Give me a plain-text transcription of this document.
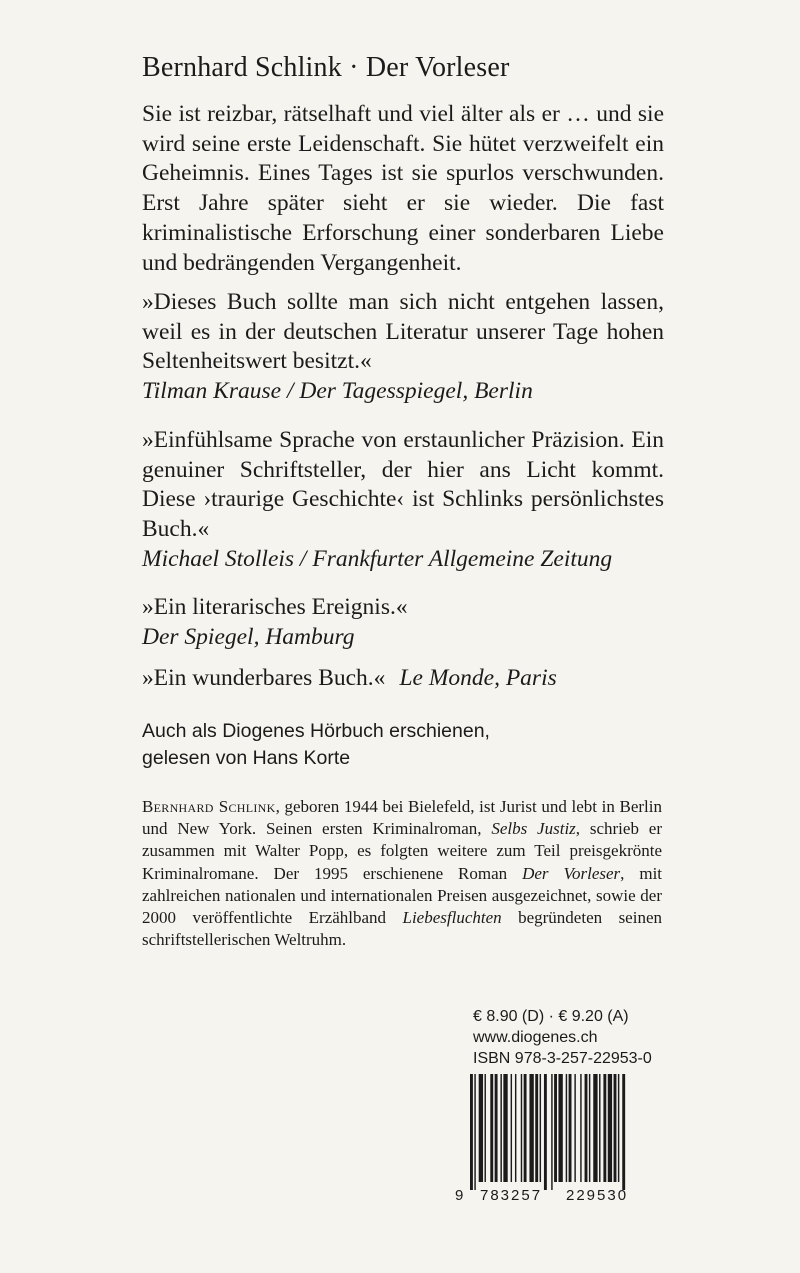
Bernhard Schlink · Der Vorleser

Sie ist reizbar, rätselhaft und viel älter als er … und sie wird seine erste Leidenschaft. Sie hütet verzweifelt ein Geheimnis. Eines Tages ist sie spurlos verschwunden. Erst Jahre später sieht er sie wieder. Die fast kriminalistische Erforschung einer sonderbaren Liebe und bedrängenden Vergangenheit.

»Dieses Buch sollte man sich nicht entgehen lassen, weil es in der deutschen Literatur unserer Tage hohen Seltenheitswert besitzt.«
Tilman Krause / Der Tagesspiegel, Berlin
»Einfühlsame Sprache von erstaunlicher Präzision. Ein genuiner Schriftsteller, der hier ans Licht kommt. Diese ›traurige Geschichte‹ ist Schlinks persönlichstes Buch.«
Michael Stolleis / Frankfurter Allgemeine Zeitung
»Ein literarisches Ereignis.«
Der Spiegel, Hamburg
»Ein wunderbares Buch.« Le Monde, Paris

Auch als Diogenes Hörbuch erschienen,
gelesen von Hans Korte

Bernhard Schlink, geboren 1944 bei Bielefeld, ist Jurist und lebt in Berlin und New York. Seinen ersten Kriminalroman, Selbs Justiz, schrieb er zusammen mit Walter Popp, es folgten weitere zum Teil preisgekrönte Kriminalromane. Der 1995 erschienene Roman Der Vorleser, mit zahlreichen nationalen und internationalen Preisen ausgezeichnet, sowie der 2000 veröffentlichte Erzählband Liebesfluchten begründeten seinen schriftstellerischen Weltruhm.

€ 8.90 (D) · € 9.20 (A)
www.diogenes.ch
ISBN 978-3-257-22953-0
9 783257 229530
